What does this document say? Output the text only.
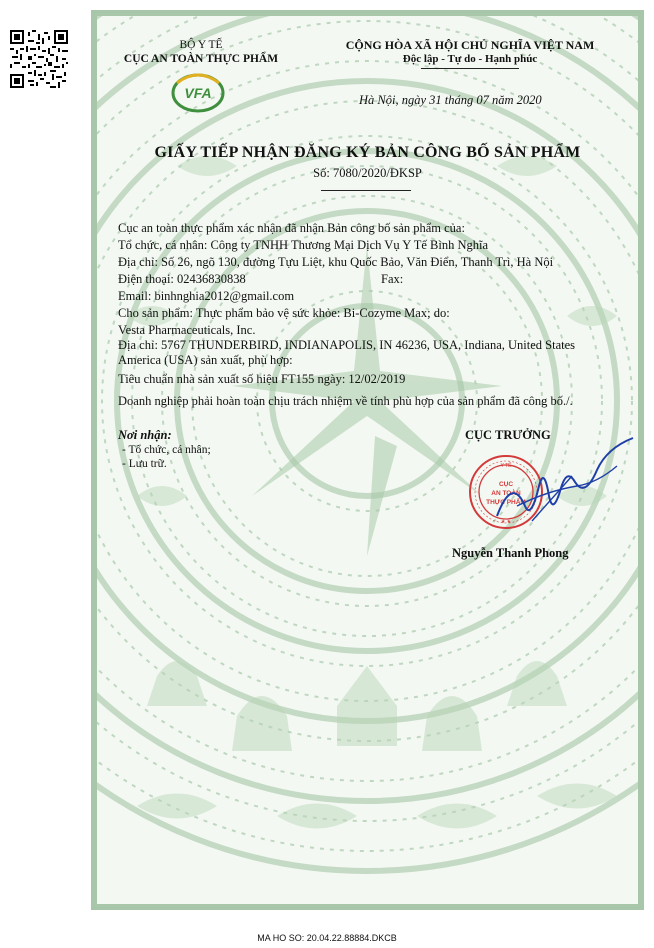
BỘ Y TẾ
CỤC AN TOÀN THỰC PHẨM
VFA
CỘNG HÒA XÃ HỘI CHỦ NGHĨA VIỆT NAM
Độc lập - Tự do - Hạnh phúc
Hà Nội, ngày 31 tháng 07 năm 2020
GIẤY TIẾP NHẬN ĐĂNG KÝ BẢN CÔNG BỐ SẢN PHẨM
Số: 7080/2020/ĐKSP
Cục an toàn thực phẩm xác nhận đã nhận Bản công bố sản phẩm của:
Tổ chức, cá nhân: Công ty TNHH Thương Mại Dịch Vụ Y Tế Bình Nghĩa
Địa chỉ: Số 26, ngõ 130, đường Tựu Liệt, khu Quốc Bảo, Văn Điển, Thanh Trì, Hà Nội
Điện thoại: 02436830838	Fax:
Email: binhnghia2012@gmail.com
Cho sản phẩm: Thực phẩm bảo vệ sức khỏe: Bi-Cozyme Max; do:
Vesta Pharmaceuticals, Inc.
Địa chỉ: 5767 THUNDERBIRD, INDIANAPOLIS, IN 46236, USA, Indiana, United States America (USA) sản xuất, phù hợp:
Tiêu chuẩn nhà sản xuất số hiệu FT155 ngày: 12/02/2019
Doanh nghiệp phải hoàn toàn chịu trách nhiệm về tính phù hợp của sản phẩm đã công bố./.
Nơi nhận:
- Tổ chức, cá nhân;
- Lưu trữ.
CỤC TRƯỞNG
CỤC
AN TOÀN
THỰC PHẨM
Y TẾ
★ ★
Nguyễn Thanh Phong
MA HO SO: 20.04.22.88884.DKCB
